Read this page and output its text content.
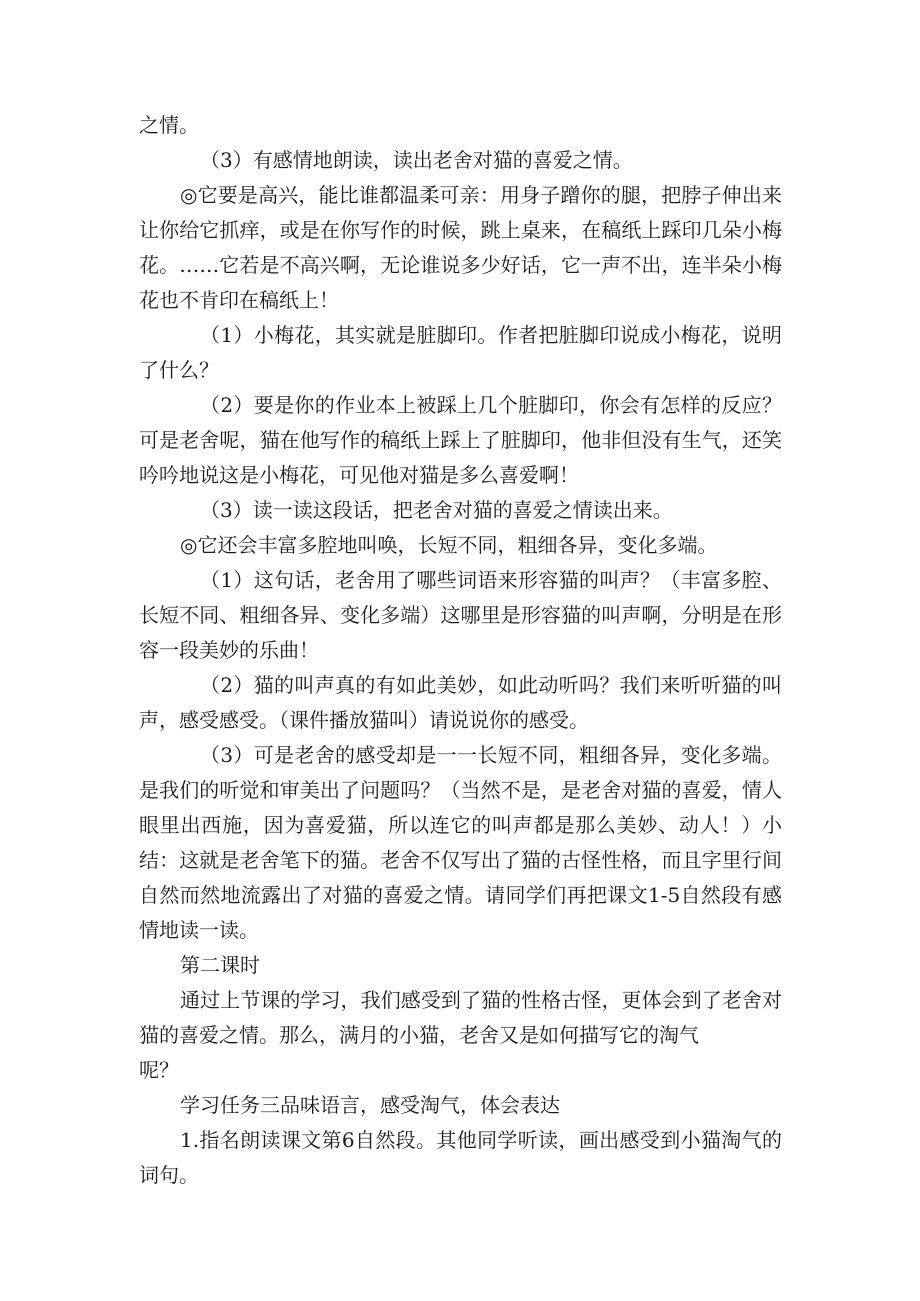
之情。

（3）有感情地朗读，读出老舍对猫的喜爱之情。

◎它要是高兴，能比谁都温柔可亲：用身子蹭你的腿，把脖子伸出来让你给它抓痒，或是在你写作的时候，跳上桌来，在稿纸上踩印几朵小梅花。……它若是不高兴啊，无论谁说多少好话，它一声不出，连半朵小梅花也不肯印在稿纸上！

（1）小梅花，其实就是脏脚印。作者把脏脚印说成小梅花，说明了什么？

（2）要是你的作业本上被踩上几个脏脚印，你会有怎样的反应？可是老舍呢，猫在他写作的稿纸上踩上了脏脚印，他非但没有生气，还笑吟吟地说这是小梅花，可见他对猫是多么喜爱啊！

（3）读一读这段话，把老舍对猫的喜爱之情读出来。

◎它还会丰富多腔地叫唤，长短不同，粗细各异，变化多端。

（1）这句话，老舍用了哪些词语来形容猫的叫声？（丰富多腔、长短不同、粗细各异、变化多端）这哪里是形容猫的叫声啊，分明是在形容一段美妙的乐曲！

（2）猫的叫声真的有如此美妙，如此动听吗？我们来听听猫的叫声，感受感受。（课件播放猫叫）请说说你的感受。

（3）可是老舍的感受却是一一长短不同，粗细各异，变化多端。是我们的听觉和审美出了问题吗？（当然不是，是老舍对猫的喜爱，情人眼里出西施，因为喜爱猫，所以连它的叫声都是那么美妙、动人！）小结：这就是老舍笔下的猫。老舍不仅写出了猫的古怪性格，而且字里行间自然而然地流露出了对猫的喜爱之情。请同学们再把课文1-5自然段有感情地读一读。

第二课时

通过上节课的学习，我们感受到了猫的性格古怪，更体会到了老舍对猫的喜爱之情。那么，满月的小猫，老舍又是如何描写它的淘气

呢？

学习任务三品味语言，感受淘气，体会表达

1.指名朗读课文第6自然段。其他同学听读，画出感受到小猫淘气的词句。
